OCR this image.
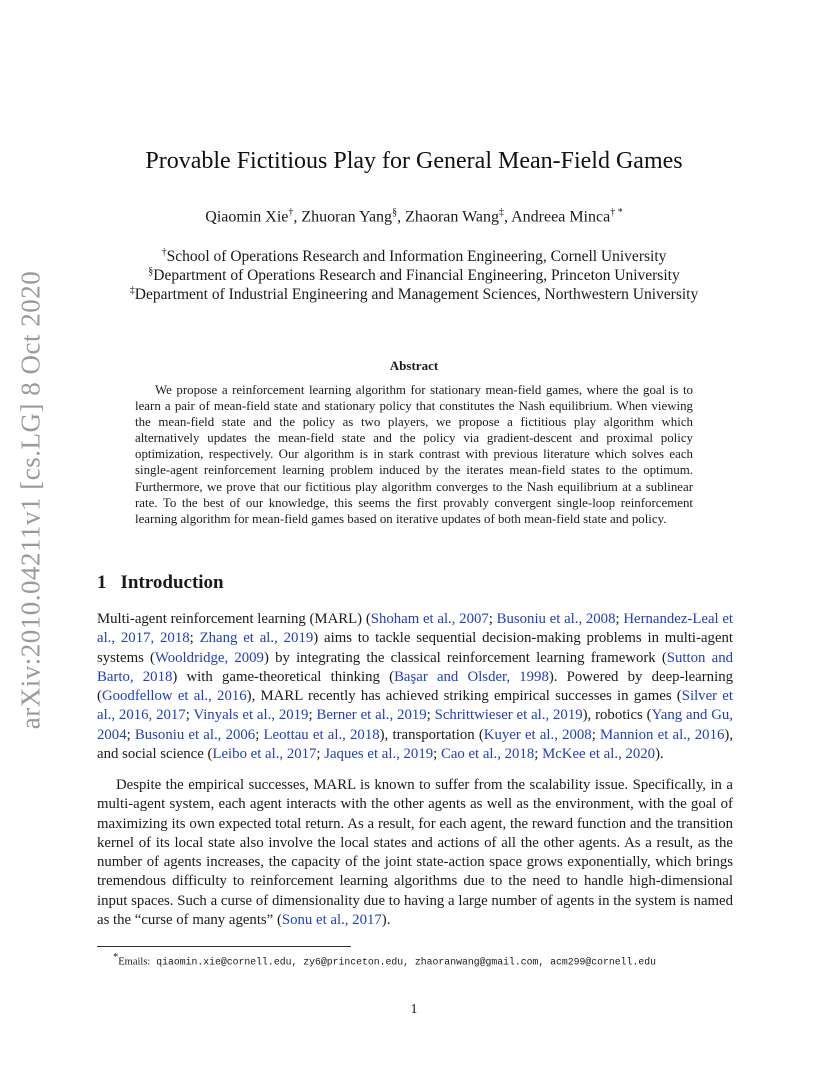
arXiv:2010.04211v1 [cs.LG] 8 Oct 2020
Provable Fictitious Play for General Mean-Field Games
Qiaomin Xie†, Zhuoran Yang§, Zhaoran Wang‡, Andreea Minca† *
†School of Operations Research and Information Engineering, Cornell University
§Department of Operations Research and Financial Engineering, Princeton University
‡Department of Industrial Engineering and Management Sciences, Northwestern University
Abstract
We propose a reinforcement learning algorithm for stationary mean-field games, where the goal is to learn a pair of mean-field state and stationary policy that constitutes the Nash equilibrium. When viewing the mean-field state and the policy as two players, we propose a fictitious play algorithm which alternatively updates the mean-field state and the policy via gradient-descent and proximal policy optimization, respectively. Our algorithm is in stark contrast with previous literature which solves each single-agent reinforcement learning problem induced by the iterates mean-field states to the optimum. Furthermore, we prove that our fictitious play algorithm converges to the Nash equilibrium at a sublinear rate. To the best of our knowledge, this seems the first provably convergent single-loop reinforcement learning algorithm for mean-field games based on iterative updates of both mean-field state and policy.
1 Introduction
Multi-agent reinforcement learning (MARL) (Shoham et al., 2007; Busoniu et al., 2008; Hernandez-Leal et al., 2017, 2018; Zhang et al., 2019) aims to tackle sequential decision-making problems in multi-agent systems (Wooldridge, 2009) by integrating the classical reinforcement learning framework (Sutton and Barto, 2018) with game-theoretical thinking (Başar and Olsder, 1998). Powered by deep-learning (Goodfellow et al., 2016), MARL recently has achieved striking empirical successes in games (Silver et al., 2016, 2017; Vinyals et al., 2019; Berner et al., 2019; Schrittwieser et al., 2019), robotics (Yang and Gu, 2004; Busoniu et al., 2006; Leottau et al., 2018), transportation (Kuyer et al., 2008; Mannion et al., 2016), and social science (Leibo et al., 2017; Jaques et al., 2019; Cao et al., 2018; McKee et al., 2020).
Despite the empirical successes, MARL is known to suffer from the scalability issue. Specifically, in a multi-agent system, each agent interacts with the other agents as well as the environment, with the goal of maximizing its own expected total return. As a result, for each agent, the reward function and the transition kernel of its local state also involve the local states and actions of all the other agents. As a result, as the number of agents increases, the capacity of the joint state-action space grows exponentially, which brings tremendous difficulty to reinforcement learning algorithms due to the need to handle high-dimensional input spaces. Such a curse of dimensionality due to having a large number of agents in the system is named as the “curse of many agents” (Sonu et al., 2017).
*Emails: qiaomin.xie@cornell.edu, zy6@princeton.edu, zhaoranwang@gmail.com, acm299@cornell.edu
1
